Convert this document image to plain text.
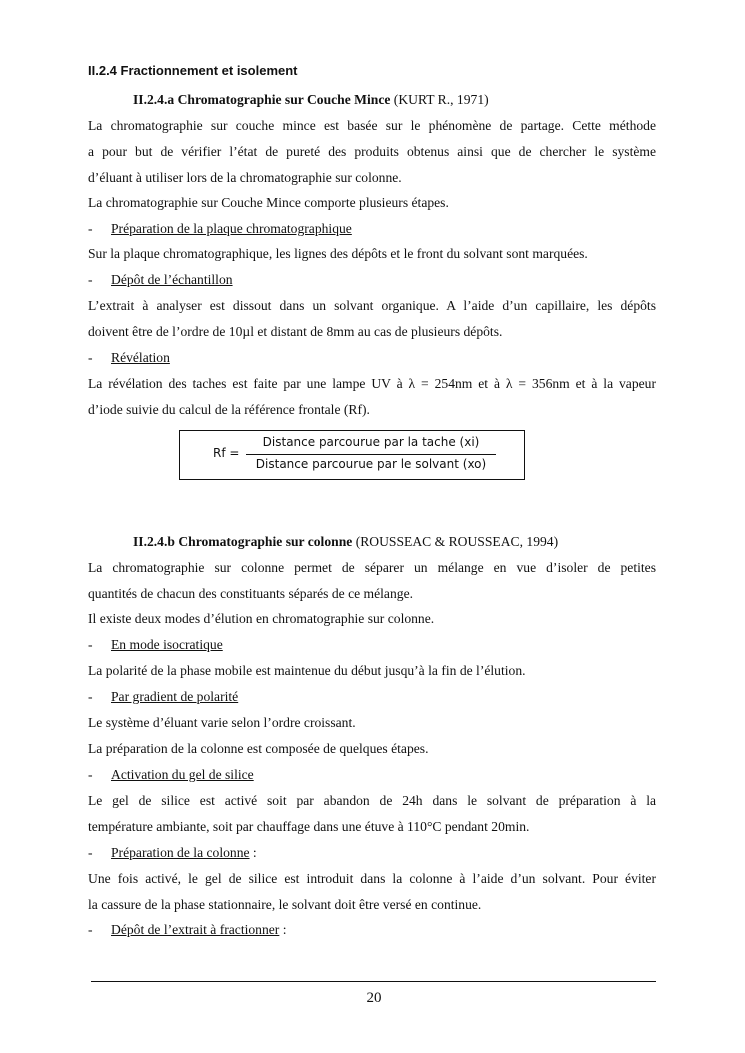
II.2.4 Fractionnement et isolement
II.2.4.a Chromatographie sur Couche Mince (KURT R., 1971)
La chromatographie sur couche mince est basée sur le phénomène de partage. Cette méthode
a pour but de vérifier l’état de pureté des produits obtenus ainsi que de chercher le système
d’éluant à utiliser lors de la chromatographie sur colonne.
La chromatographie sur Couche Mince comporte plusieurs étapes.
- Préparation de la plaque chromatographique
Sur la plaque chromatographique, les lignes des dépôts et le front du solvant sont marquées.
- Dépôt de l’échantillon
L’extrait à analyser est dissout dans un solvant organique. A l’aide d’un capillaire, les dépôts
doivent être de l’ordre de 10µl et distant de 8mm au cas de plusieurs dépôts.
- Révélation
La révélation des taches est faite par une lampe UV à λ = 254nm et à λ = 356nm et à la vapeur
d’iode suivie du calcul de la référence frontale (Rf).
Rf =
Distance parcourue par la tache (xi)
Distance parcourue par le solvant (xo)
II.2.4.b Chromatographie sur colonne (ROUSSEAC & ROUSSEAC, 1994)
La chromatographie sur colonne permet de séparer un mélange en vue d’isoler de petites
quantités de chacun des constituants séparés de ce mélange.
Il existe deux modes d’élution en chromatographie sur colonne.
- En mode isocratique
La polarité de la phase mobile est maintenue du début jusqu’à la fin de l’élution.
- Par gradient de polarité
Le système d’éluant varie selon l’ordre croissant.
La préparation de la colonne est composée de quelques étapes.
- Activation du gel de silice
Le gel de silice est activé soit par abandon de 24h dans le solvant de préparation à la
température ambiante, soit par chauffage dans une étuve à 110°C pendant 20min.
- Préparation de la colonne :
Une fois activé, le gel de silice est introduit dans la colonne à l’aide d’un solvant. Pour éviter
la cassure de la phase stationnaire, le solvant doit être versé en continue.
- Dépôt de l’extrait à fractionner :
20
